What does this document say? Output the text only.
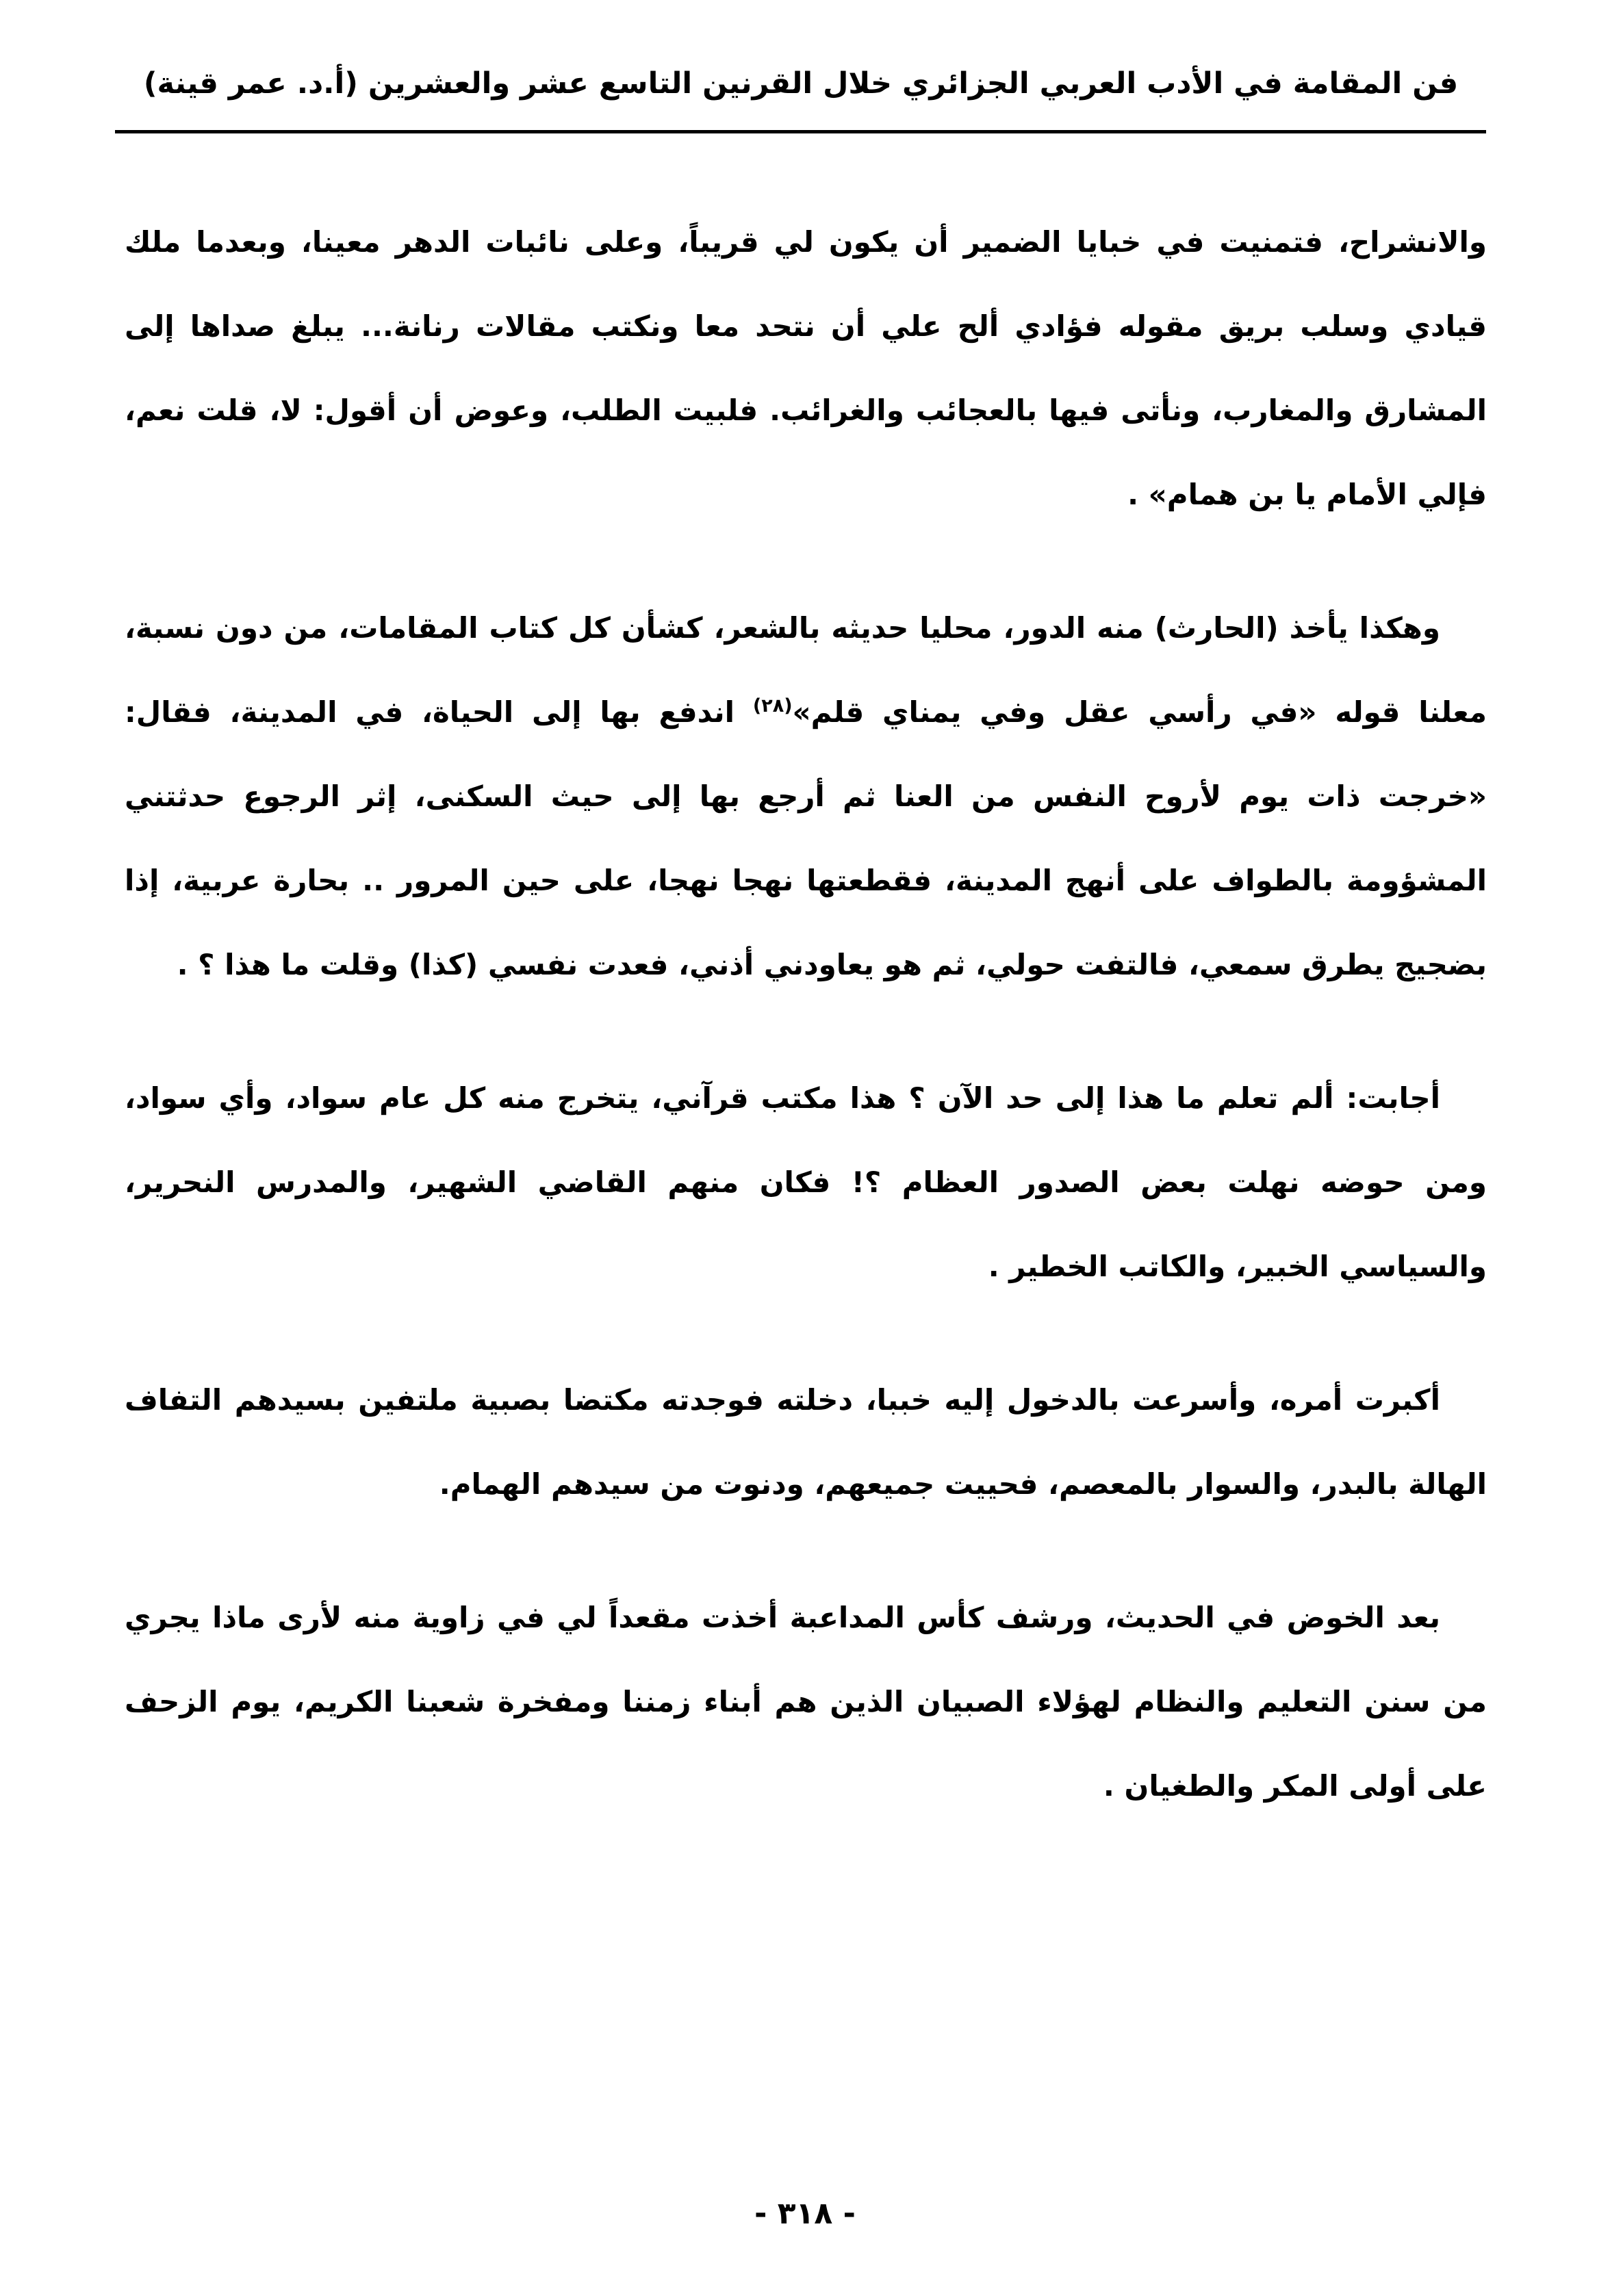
فن المقامة في الأدب العربي الجزائري خلال القرنين التاسع عشر والعشرين (أ.د. عمر قينة)

والانشراح، فتمنيت في خبايا الضمير أن يكون لي قريباً، وعلى نائبات الدهر معينا، وبعدما ملك قيادي وسلب بريق مقوله فؤادي ألح علي أن نتحد معا ونكتب مقالات رنانة... يبلغ صداها إلى المشارق والمغارب، ونأتى فيها بالعجائب والغرائب. فلبيت الطلب، وعوض أن أقول: لا، قلت نعم، فإلي الأمام يا بن همام» .

وهكذا يأخذ (الحارث) منه الدور، محليا حديثه بالشعر، كشأن كل كتاب المقامات، من دون نسبة، معلنا قوله «في رأسي عقل وفي يمناي قلم»$^{(٢٨)}$ اندفع بها إلى الحياة، في المدينة، فقال: «خرجت ذات يوم لأروح النفس من العنا ثم أرجع بها إلى حيث السكنى، إثر الرجوع حدثتني المشؤومة بالطواف على أنهج المدينة، فقطعتها نهجا نهجا، على حين المرور .. بحارة عربية، إذا بضجيج يطرق سمعي، فالتفت حولي، ثم هو يعاودني أذني، فعدت نفسي (كذا) وقلت ما هذا ؟ .

أجابت: ألم تعلم ما هذا إلى حد الآن ؟ هذا مكتب قرآني، يتخرج منه كل عام سواد، وأي سواد، ومن حوضه نهلت بعض الصدور العظام ؟! فكان منهم القاضي الشهير، والمدرس النحرير، والسياسي الخبير، والكاتب الخطير .

أكبرت أمره، وأسرعت بالدخول إليه خببا، دخلته فوجدته مكتضا بصبية ملتفين بسيدهم التفاف الهالة بالبدر، والسوار بالمعصم، فحييت جميعهم، ودنوت من سيدهم الهمام.

بعد الخوض في الحديث، ورشف كأس المداعبة أخذت مقعداً لي في زاوية منه لأرى ماذا يجري من سنن التعليم والنظام لهؤلاء الصبيان الذين هم أبناء زمننا ومفخرة شعبنا الكريم، يوم الزحف على أولى المكر والطغيان .

- ٣١٨ -
